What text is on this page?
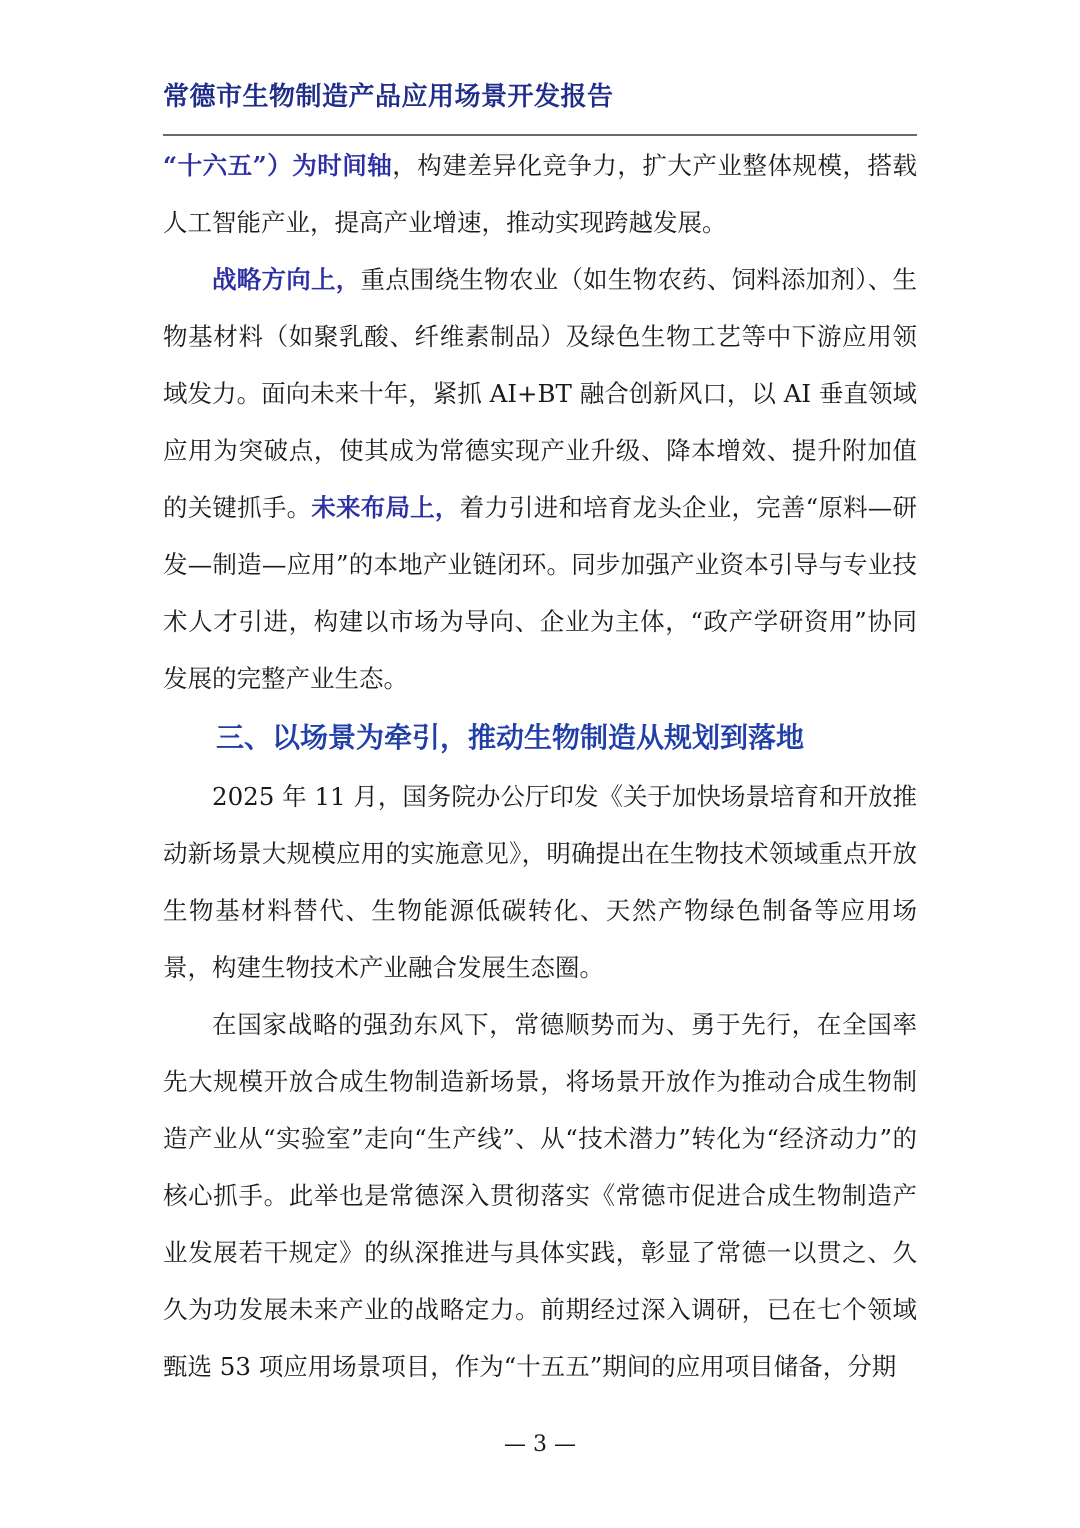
常德市生物制造产品应用场景开发报告

“十六五”）为时间轴，构建差异化竞争力，扩大产业整体规模，搭载人工智能产业，提高产业增速，推动实现跨越发展。

战略方向上，重点围绕生物农业（如生物农药、饲料添加剂）、生物基材料（如聚乳酸、纤维素制品）及绿色生物工艺等中下游应用领域发力。面向未来十年，紧抓 AI+BT 融合创新风口，以 AI 垂直领域应用为突破点，使其成为常德实现产业升级、降本增效、提升附加值的关键抓手。未来布局上，着力引进和培育龙头企业，完善“原料—研发—制造—应用”的本地产业链闭环。同步加强产业资本引导与专业技术人才引进，构建以市场为导向、企业为主体，“政产学研资用”协同发展的完整产业生态。

三、以场景为牵引，推动生物制造从规划到落地

2025 年 11 月，国务院办公厅印发《关于加快场景培育和开放推动新场景大规模应用的实施意见》，明确提出在生物技术领域重点开放生物基材料替代、生物能源低碳转化、天然产物绿色制备等应用场景，构建生物技术产业融合发展生态圈。

在国家战略的强劲东风下，常德顺势而为、勇于先行，在全国率先大规模开放合成生物制造新场景，将场景开放作为推动合成生物制造产业从“实验室”走向“生产线”、从“技术潜力”转化为“经济动力”的核心抓手。此举也是常德深入贯彻落实《常德市促进合成生物制造产业发展若干规定》的纵深推进与具体实践，彰显了常德一以贯之、久久为功发展未来产业的战略定力。前期经过深入调研，已在七个领域甄选 53 项应用场景项目，作为“十五五”期间的应用项目储备，分期

— 3 —
